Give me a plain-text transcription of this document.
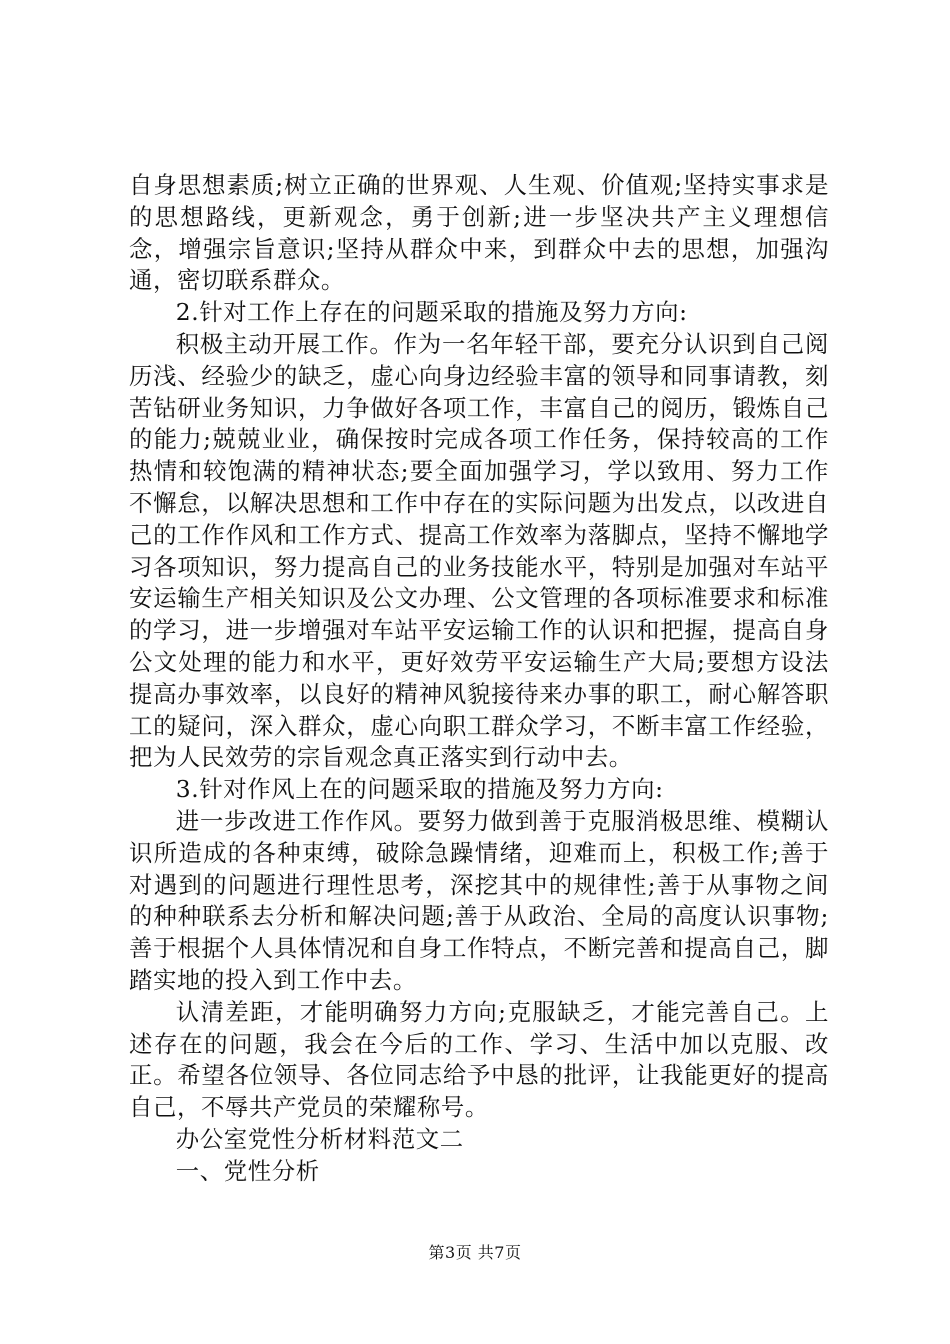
自身思想素质;树立正确的世界观、人生观、价值观;坚持实事求是的思想路线，更新观念，勇于创新;进一步坚决共产主义理想信念，增强宗旨意识;坚持从群众中来，到群众中去的思想，加强沟通，密切联系群众。

2.针对工作上存在的问题采取的措施及努力方向:

积极主动开展工作。作为一名年轻干部，要充分认识到自己阅历浅、经验少的缺乏，虚心向身边经验丰富的领导和同事请教，刻苦钻研业务知识，力争做好各项工作，丰富自己的阅历，锻炼自己的能力;兢兢业业，确保按时完成各项工作任务，保持较高的工作热情和较饱满的精神状态;要全面加强学习，学以致用、努力工作不懈怠，以解决思想和工作中存在的实际问题为出发点，以改进自己的工作作风和工作方式、提高工作效率为落脚点，坚持不懈地学习各项知识，努力提高自己的业务技能水平，特别是加强对车站平安运输生产相关知识及公文办理、公文管理的各项标准要求和标准的学习，进一步增强对车站平安运输工作的认识和把握，提高自身公文处理的能力和水平，更好效劳平安运输生产大局;要想方设法提高办事效率，以良好的精神风貌接待来办事的职工，耐心解答职工的疑问，深入群众，虚心向职工群众学习，不断丰富工作经验，把为人民效劳的宗旨观念真正落实到行动中去。

3.针对作风上在的问题采取的措施及努力方向:

进一步改进工作作风。要努力做到善于克服消极思维、模糊认识所造成的各种束缚，破除急躁情绪，迎难而上，积极工作;善于对遇到的问题进行理性思考，深挖其中的规律性;善于从事物之间的种种联系去分析和解决问题;善于从政治、全局的高度认识事物;善于根据个人具体情况和自身工作特点，不断完善和提高自己，脚踏实地的投入到工作中去。

认清差距，才能明确努力方向;克服缺乏，才能完善自己。上述存在的问题，我会在今后的工作、学习、生活中加以克服、改正。希望各位领导、各位同志给予中恳的批评，让我能更好的提高自己，不辱共产党员的荣耀称号。

办公室党性分析材料范文二

一、党性分析

第3页 共7页
